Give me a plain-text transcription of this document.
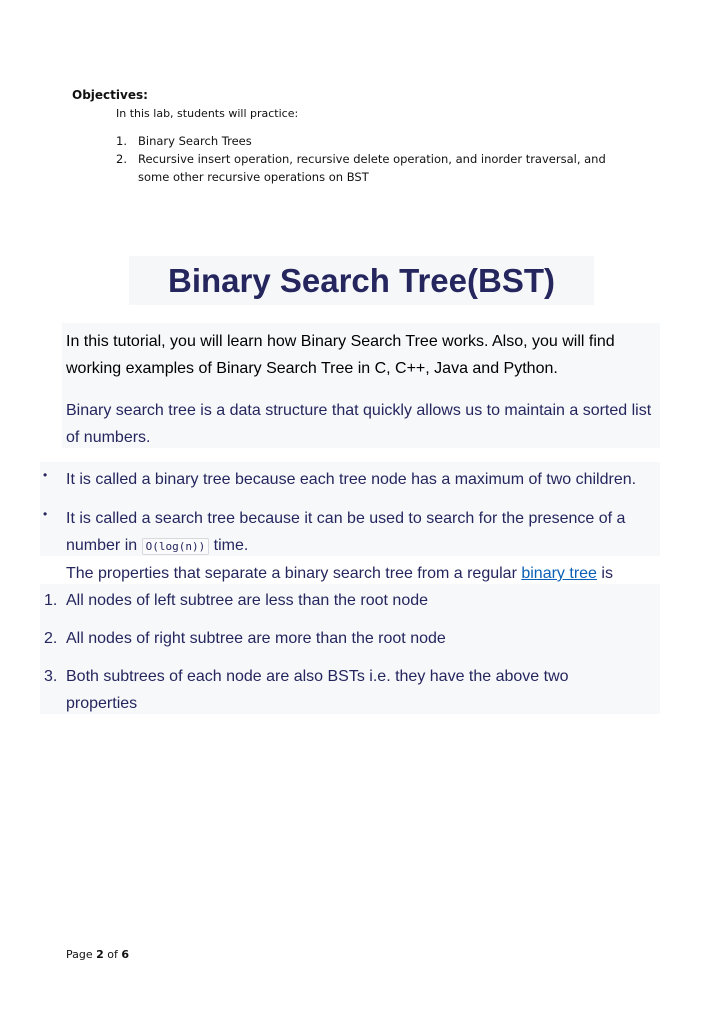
Objectives:
In this lab, students will practice:
1. Binary Search Trees
2. Recursive insert operation, recursive delete operation, and inorder traversal, and some other recursive operations on BST
Binary Search Tree(BST)
In this tutorial, you will learn how Binary Search Tree works. Also, you will find working examples of Binary Search Tree in C, C++, Java and Python.
Binary search tree is a data structure that quickly allows us to maintain a sorted list of numbers.
• It is called a binary tree because each tree node has a maximum of two children.
• It is called a search tree because it can be used to search for the presence of a number in O(log(n)) time.
The properties that separate a binary search tree from a regular binary tree is
1. All nodes of left subtree are less than the root node
2. All nodes of right subtree are more than the root node
3. Both subtrees of each node are also BSTs i.e. they have the above two properties
Page 2 of 6
